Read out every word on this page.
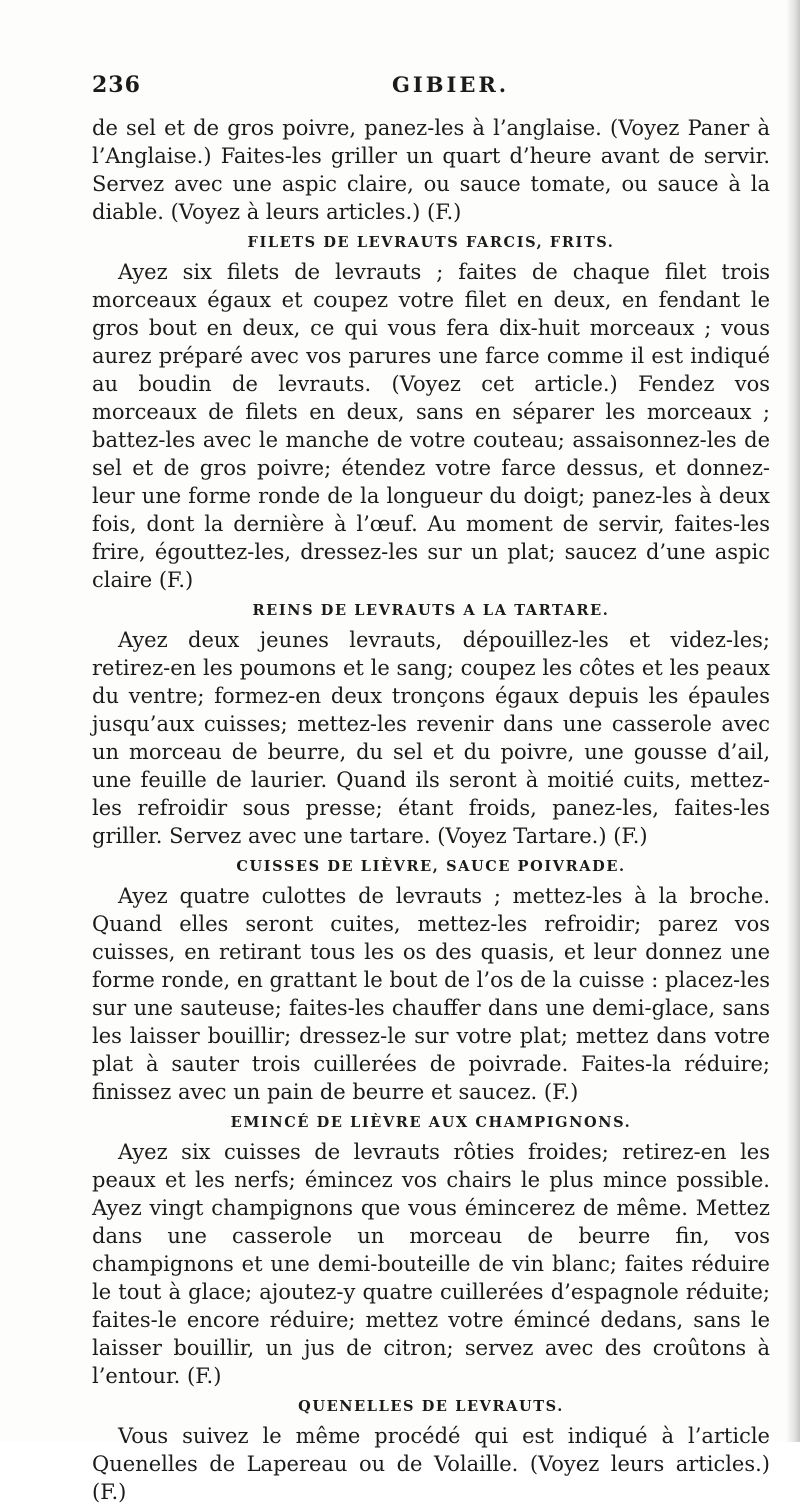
236	GIBIER.

de sel et de gros poivre, panez-les à l’anglaise. (Voyez Paner à l’Anglaise.) Faites-les griller un quart d’heure avant de servir. Servez avec une aspic claire, ou sauce tomate, ou sauce à la diable. (Voyez à leurs articles.) (F.)

FILETS DE LEVRAUTS FARCIS, FRITS.

Ayez six filets de levrauts ; faites de chaque filet trois morceaux égaux et coupez votre filet en deux, en fendant le gros bout en deux, ce qui vous fera dix-huit morceaux ; vous aurez préparé avec vos parures une farce comme il est indiqué au boudin de levrauts. (Voyez cet article.) Fendez vos morceaux de filets en deux, sans en séparer les morceaux ; battez-les avec le manche de votre couteau; assaisonnez-les de sel et de gros poivre; étendez votre farce dessus, et donnez-leur une forme ronde de la longueur du doigt; panez-les à deux fois, dont la dernière à l’œuf. Au moment de servir, faites-les frire, égouttez-les, dressez-les sur un plat; saucez d’une aspic claire (F.)

REINS DE LEVRAUTS A LA TARTARE.

Ayez deux jeunes levrauts, dépouillez-les et videz-les; retirez-en les poumons et le sang; coupez les côtes et les peaux du ventre; formez-en deux tronçons égaux depuis les épaules jusqu’aux cuisses; mettez-les revenir dans une casserole avec un morceau de beurre, du sel et du poivre, une gousse d’ail, une feuille de laurier. Quand ils seront à moitié cuits, mettez-les refroidir sous presse; étant froids, panez-les, faites-les griller. Servez avec une tartare. (Voyez Tartare.) (F.)

CUISSES DE LIÈVRE, SAUCE POIVRADE.

Ayez quatre culottes de levrauts ; mettez-les à la broche. Quand elles seront cuites, mettez-les refroidir; parez vos cuisses, en retirant tous les os des quasis, et leur donnez une forme ronde, en grattant le bout de l’os de la cuisse : placez-les sur une sauteuse; faites-les chauffer dans une demi-glace, sans les laisser bouillir; dressez-le sur votre plat; mettez dans votre plat à sauter trois cuillerées de poivrade. Faites-la réduire; finissez avec un pain de beurre et saucez. (F.)

EMINCÉ DE LIÈVRE AUX CHAMPIGNONS.

Ayez six cuisses de levrauts rôties froides; retirez-en les peaux et les nerfs; émincez vos chairs le plus mince possible. Ayez vingt champignons que vous émincerez de même. Mettez dans une casserole un morceau de beurre fin, vos champignons et une demi-bouteille de vin blanc; faites réduire le tout à glace; ajoutez-y quatre cuillerées d’espagnole réduite; faites-le encore réduire; mettez votre émincé dedans, sans le laisser bouillir, un jus de citron; servez avec des croûtons à l’entour. (F.)

QUENELLES DE LEVRAUTS.

Vous suivez le même procédé qui est indiqué à l’article Quenelles de Lapereau ou de Volaille. (Voyez leurs articles.) (F.)
